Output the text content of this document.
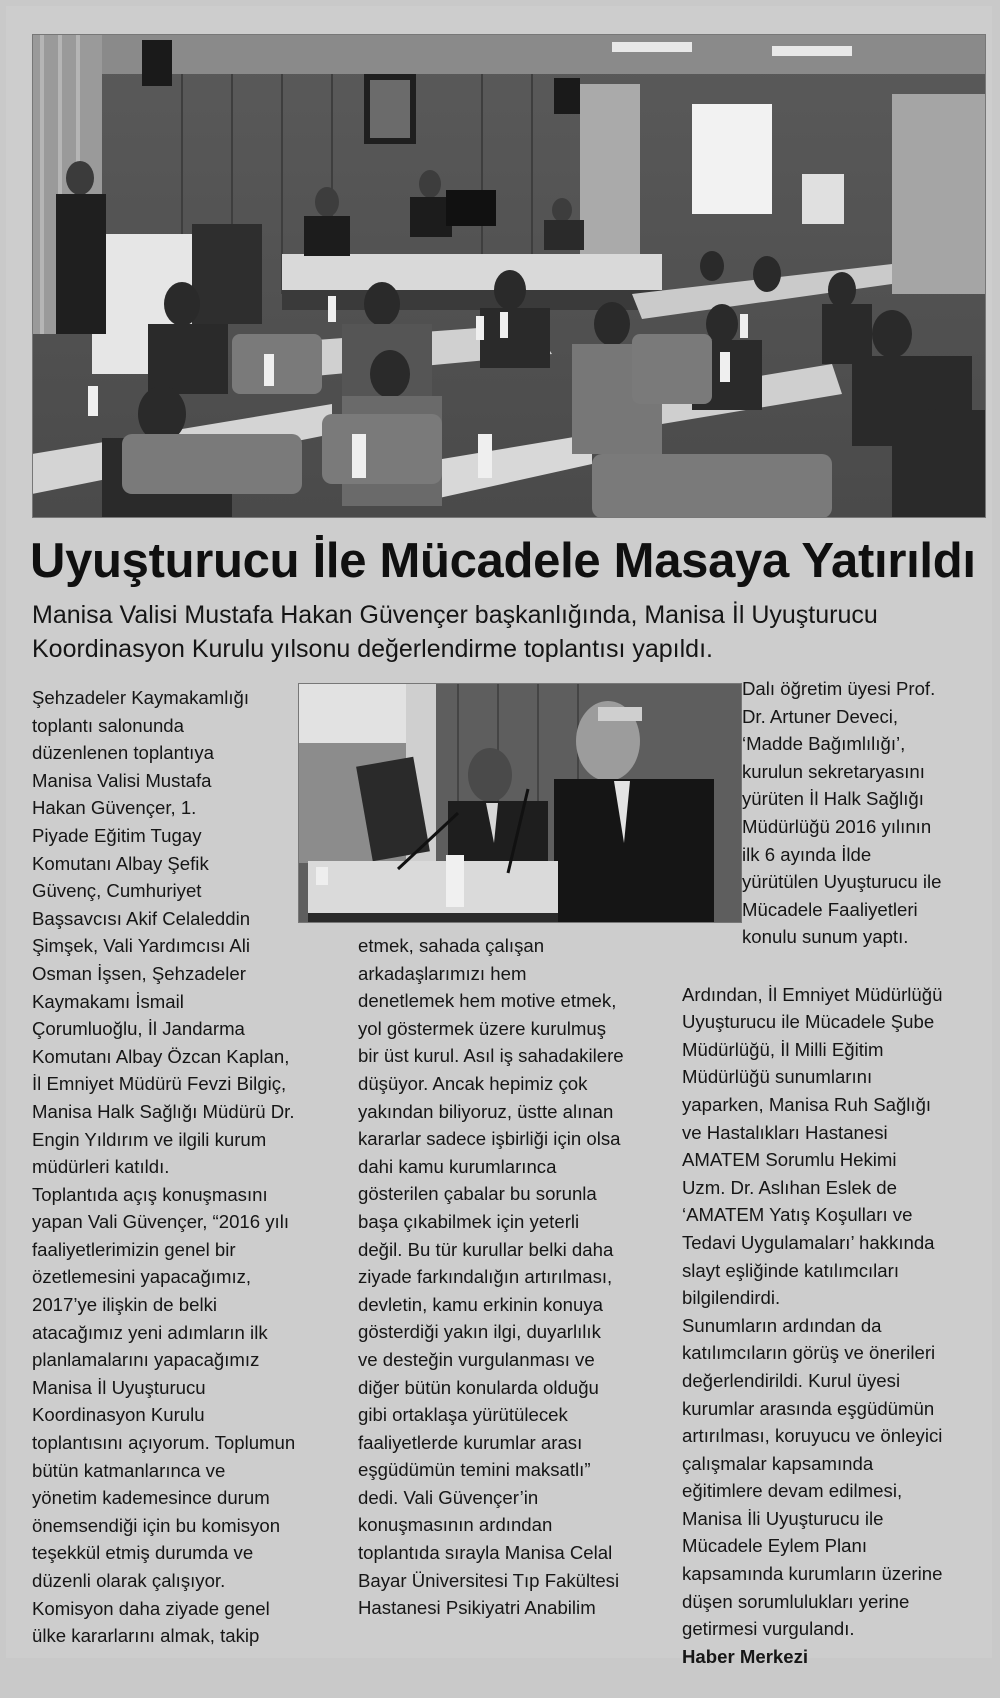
Uyuşturucu İle Mücadele Masaya Yatırıldı
Manisa Valisi Mustafa Hakan Güvençer başkanlığında, Manisa İl Uyuşturucu Koordinasyon Kurulu yılsonu değerlendirme toplantısı yapıldı.
Şehzadeler Kaymakamlığı
toplantı salonunda
düzenlenen toplantıya
Manisa Valisi Mustafa
Hakan Güvençer, 1.
Piyade Eğitim Tugay
Komutanı Albay Şefik
Güvenç, Cumhuriyet
Başsavcısı Akif Celaleddin
Şimşek, Vali Yardımcısı Ali
Osman İşsen, Şehzadeler
Kaymakamı İsmail
Çorumluoğlu, İl Jandarma
Komutanı Albay Özcan Kaplan,
İl Emniyet Müdürü Fevzi Bilgiç,
Manisa Halk Sağlığı Müdürü Dr.
Engin Yıldırım ve ilgili kurum
müdürleri katıldı.
Toplantıda açış konuşmasını
yapan Vali Güvençer, “2016 yılı
faaliyetlerimizin genel bir
özetlemesini yapacağımız,
2017’ye ilişkin de belki
atacağımız yeni adımların ilk
planlamalarını yapacağımız
Manisa İl Uyuşturucu
Koordinasyon Kurulu
toplantısını açıyorum. Toplumun
bütün katmanlarınca ve
yönetim kademesince durum
önemsendiği için bu komisyon
teşekkül etmiş durumda ve
düzenli olarak çalışıyor.
Komisyon daha ziyade genel
ülke kararlarını almak, takip
etmek, sahada çalışan
arkadaşlarımızı hem
denetlemek hem motive etmek,
yol göstermek üzere kurulmuş
bir üst kurul. Asıl iş sahadakilere
düşüyor. Ancak hepimiz çok
yakından biliyoruz, üstte alınan
kararlar sadece işbirliği için olsa
dahi kamu kurumlarınca
gösterilen çabalar bu sorunla
başa çıkabilmek için yeterli
değil. Bu tür kurullar belki daha
ziyade farkındalığın artırılması,
devletin, kamu erkinin konuya
gösterdiği yakın ilgi, duyarlılık
ve desteğin vurgulanması ve
diğer bütün konularda olduğu
gibi ortaklaşa yürütülecek
faaliyetlerde kurumlar arası
eşgüdümün temini maksatlı”
dedi. Vali Güvençer’in
konuşmasının ardından
toplantıda sırayla Manisa Celal
Bayar Üniversitesi Tıp Fakültesi
Hastanesi Psikiyatri Anabilim
Dalı öğretim üyesi Prof.
Dr. Artuner Deveci,
‘Madde Bağımlılığı’,
kurulun sekretaryasını
yürüten İl Halk Sağlığı
Müdürlüğü 2016 yılının
ilk 6 ayında İlde
yürütülen Uyuşturucu ile
Mücadele Faaliyetleri
konulu sunum yaptı.

Ardından, İl Emniyet Müdürlüğü
Uyuşturucu ile Mücadele Şube
Müdürlüğü, İl Milli Eğitim
Müdürlüğü sunumlarını
yaparken, Manisa Ruh Sağlığı
ve Hastalıkları Hastanesi
AMATEM Sorumlu Hekimi
Uzm. Dr. Aslıhan Eslek de
‘AMATEM Yatış Koşulları ve
Tedavi Uygulamaları’ hakkında
slayt eşliğinde katılımcıları
bilgilendirdi.
Sunumların ardından da
katılımcıların görüş ve önerileri
değerlendirildi. Kurul üyesi
kurumlar arasında eşgüdümün
artırılması, koruyucu ve önleyici
çalışmalar kapsamında
eğitimlere devam edilmesi,
Manisa İli Uyuşturucu ile
Mücadele Eylem Planı
kapsamında kurumların üzerine
düşen sorumlulukları yerine
getirmesi vurgulandı.

Haber Merkezi
